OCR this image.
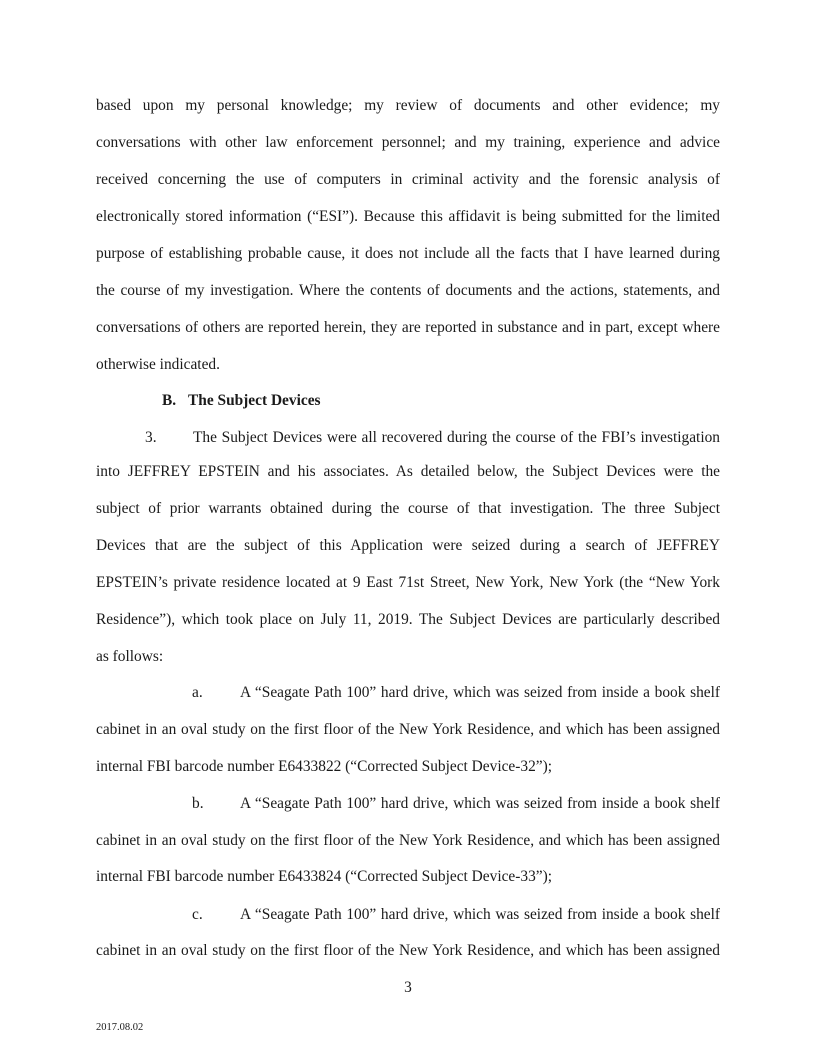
based upon my personal knowledge; my review of documents and other evidence; my
conversations with other law enforcement personnel; and my training, experience and advice
received concerning the use of computers in criminal activity and the forensic analysis of
electronically stored information (“ESI”). Because this affidavit is being submitted for the limited
purpose of establishing probable cause, it does not include all the facts that I have learned during
the course of my investigation. Where the contents of documents and the actions, statements, and
conversations of others are reported herein, they are reported in substance and in part, except where
otherwise indicated.
B. The Subject Devices
3. The Subject Devices were all recovered during the course of the FBI’s investigation
into JEFFREY EPSTEIN and his associates. As detailed below, the Subject Devices were the
subject of prior warrants obtained during the course of that investigation. The three Subject
Devices that are the subject of this Application were seized during a search of JEFFREY
EPSTEIN’s private residence located at 9 East 71st Street, New York, New York (the “New York
Residence”), which took place on July 11, 2019. The Subject Devices are particularly described
as follows:
a. A “Seagate Path 100” hard drive, which was seized from inside a book shelf
cabinet in an oval study on the first floor of the New York Residence, and which has been assigned
internal FBI barcode number E6433822 (“Corrected Subject Device-32”);
b. A “Seagate Path 100” hard drive, which was seized from inside a book shelf
cabinet in an oval study on the first floor of the New York Residence, and which has been assigned
internal FBI barcode number E6433824 (“Corrected Subject Device-33”);
c. A “Seagate Path 100” hard drive, which was seized from inside a book shelf
cabinet in an oval study on the first floor of the New York Residence, and which has been assigned
3
2017.08.02
